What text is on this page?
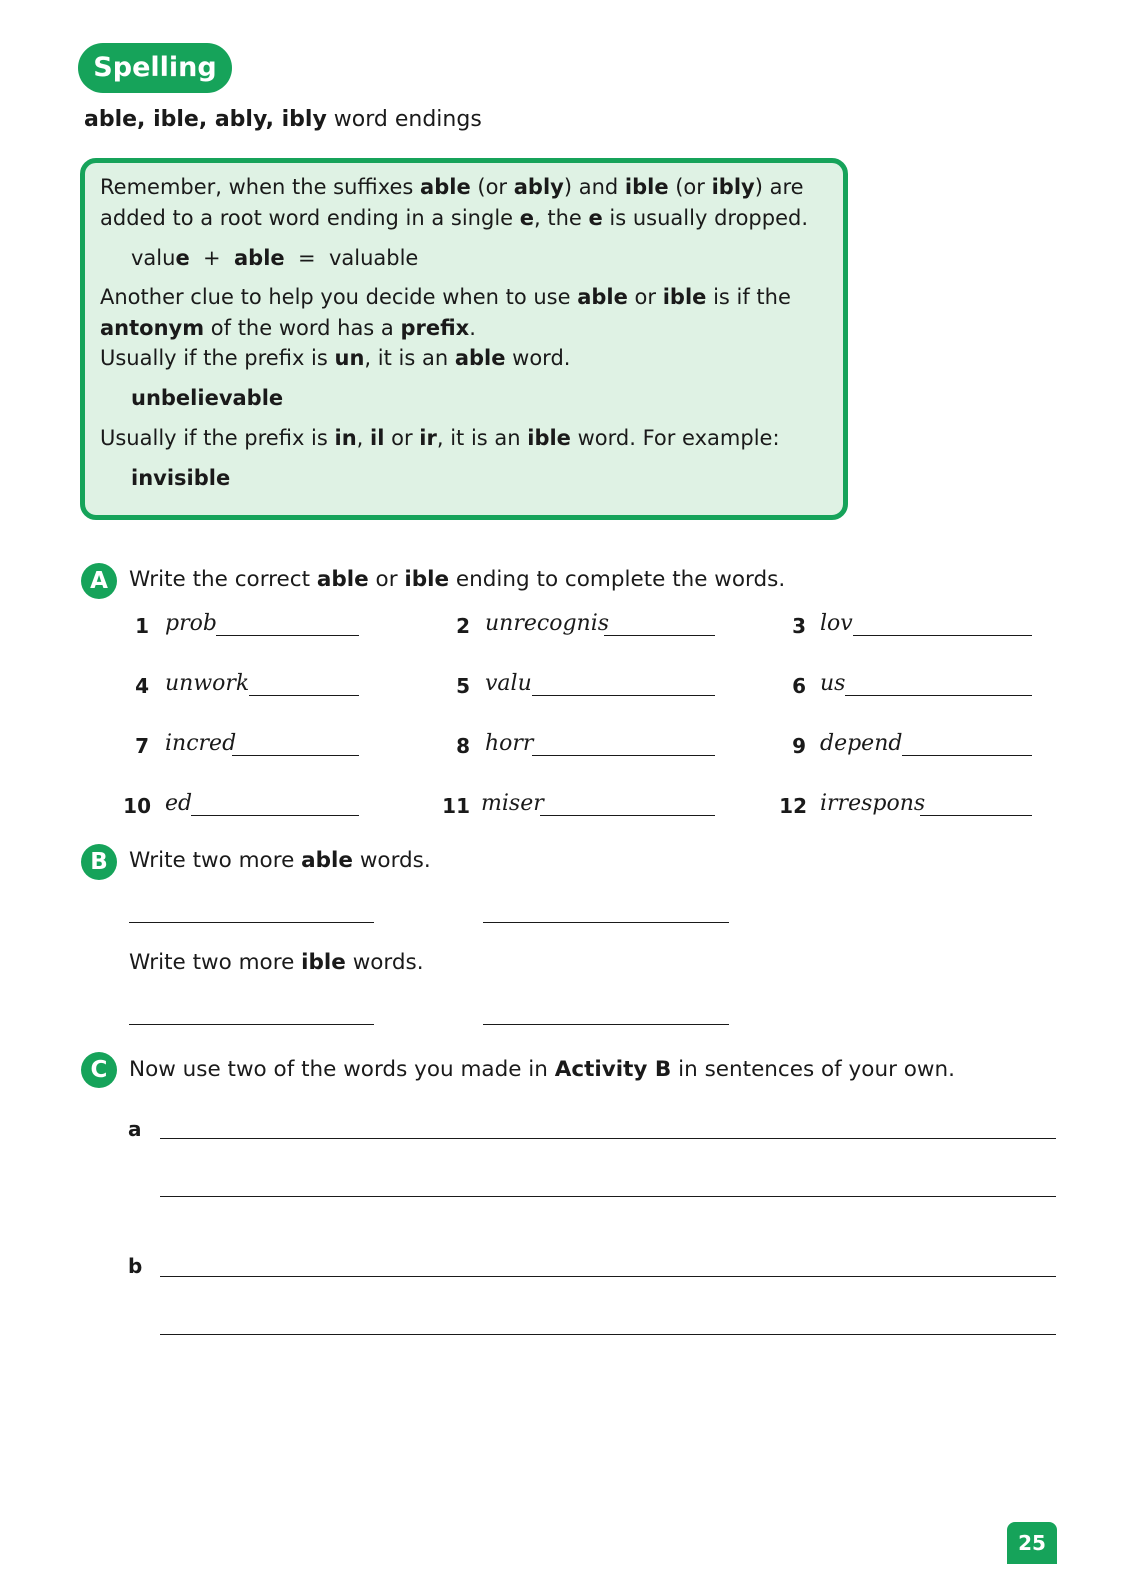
Spelling
able, ible, ably, ibly word endings
Remember, when the suffixes able (or ably) and ible (or ibly) are
added to a root word ending in a single e, the e is usually dropped.
value  +  able  =  valuable
Another clue to help you decide when to use able or ible is if the
antonym of the word has a prefix.
Usually if the prefix is un, it is an able word.
unbelievable
Usually if the prefix is in, il or ir, it is an ible word. For example:
invisible
A Write the correct able or ible ending to complete the words.
1 prob	2 unrecognis	3 lov
4 unwork	5 valu	6 us
7 incred	8 horr	9 depend
10 ed	11 miser	12 irrespons
B Write two more able words.
Write two more ible words.
C	Now use two of the words you made in Activity B in sentences of your own.
a
b
25
